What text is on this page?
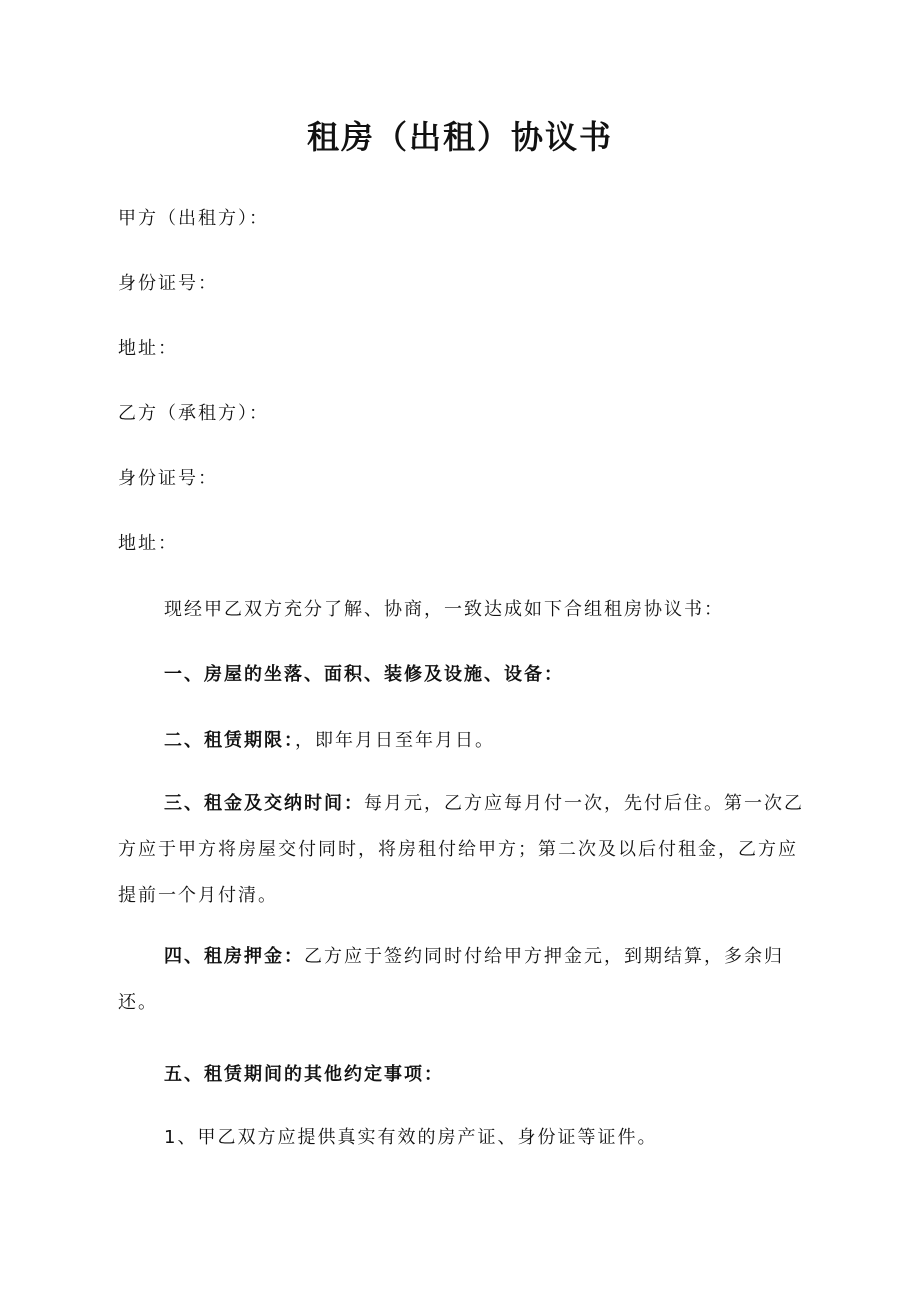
租房（出租）协议书

甲方（出租方）：

身份证号：

地址：

乙方（承租方）：

身份证号：

地址：

现经甲乙双方充分了解、协商，一致达成如下合组租房协议书：

一、房屋的坐落、面积、装修及设施、设备：

二、租赁期限：，即年月日至年月日。

三、租金及交纳时间：每月元，乙方应每月付一次，先付后住。第一次乙方应于甲方将房屋交付同时，将房租付给甲方；第二次及以后付租金，乙方应提前一个月付清。

四、租房押金：乙方应于签约同时付给甲方押金元，到期结算，多余归还。

五、租赁期间的其他约定事项：

1、甲乙双方应提供真实有效的房产证、身份证等证件。
